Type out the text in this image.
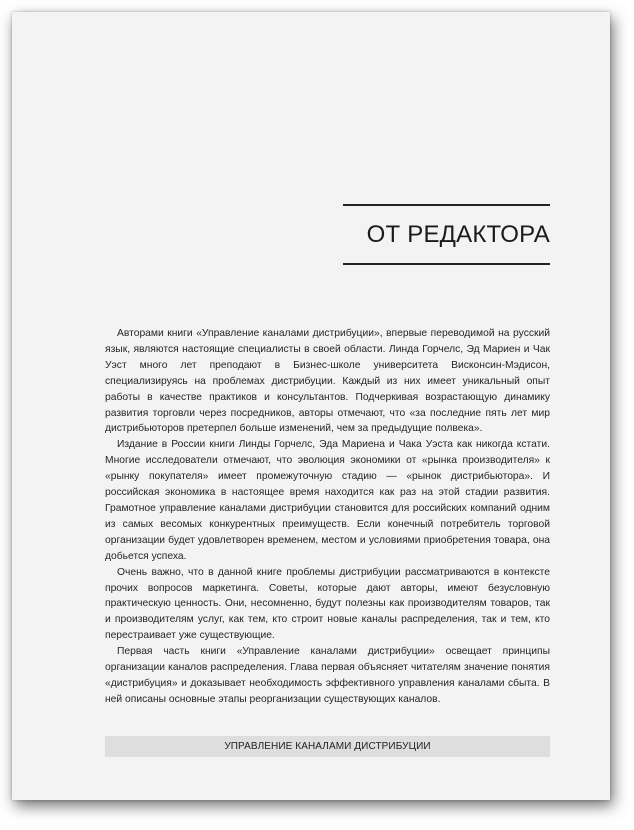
ОТ РЕДАКТОРА

Авторами книги «Управление каналами дистрибуции», впервые переводимой на русский язык, являются настоящие специалисты в своей области. Линда Горчелс, Эд Мариен и Чак Уэст много лет преподают в Бизнес-школе университета Висконсин-Мэдисон, специализируясь на проблемах дистрибуции. Каждый из них имеет уникальный опыт работы в качестве практиков и консультантов. Подчеркивая возрастающую динамику развития торговли через посредников, авторы отмечают, что «за последние пять лет мир дистрибьюторов претерпел больше изменений, чем за предыдущие полвека».

Издание в России книги Линды Горчелс, Эда Мариена и Чака Уэста как никогда кстати. Многие исследователи отмечают, что эволюция экономики от «рынка производителя» к «рынку покупателя» имеет промежуточную стадию — «рынок дистрибьютора». И российская экономика в настоящее время находится как раз на этой стадии развития. Грамотное управление каналами дистрибуции становится для российских компаний одним из самых весомых конкурентных преимуществ. Если конечный потребитель торговой организации будет удовлетворен временем, местом и условиями приобретения товара, она добьется успеха.

Очень важно, что в данной книге проблемы дистрибуции рассматриваются в контексте прочих вопросов маркетинга. Советы, которые дают авторы, имеют безусловную практическую ценность. Они, несомненно, будут полезны как производителям товаров, так и производителям услуг, как тем, кто строит новые каналы распределения, так и тем, кто перестраивает уже существующие.

Первая часть книги «Управление каналами дистрибуции» освещает принципы организации каналов распределения. Глава первая объясняет читателям значение понятия «дистрибуция» и доказывает необходимость эффективного управления каналами сбыта. В ней описаны основные этапы реорганизации существующих каналов.

УПРАВЛЕНИЕ КАНАЛАМИ ДИСТРИБУЦИИ
